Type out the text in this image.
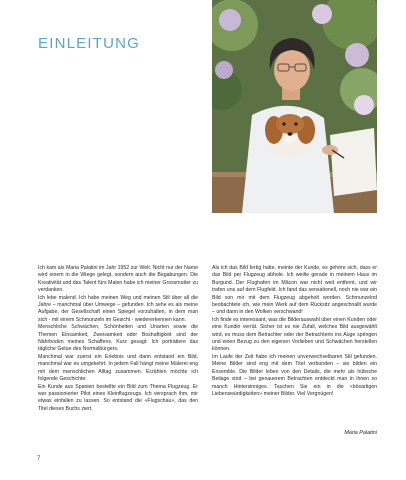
EINLEITUNG

Ich kam als Maria Palatini im Jahr 1952 zur Welt. Nicht nur der Name wird einem in die Wiege gelegt, sondern auch die Begabungen. Die Kreativität und das Talent fürs Malen habe ich meiner Grossmutter zu verdanken.

Ich lebe malend. Ich habe meinen Weg und meinen Stil über all die Jahre – manchmal über Umwege – gefunden. Ich sehe es als meine Aufgabe, der Gesellschaft einen Spiegel vorzuhalten, in dem man sich - mit einem Schmunzeln im Gesicht - wiedererkennen kann.

Menschliche Schwächen, Schönheiten und Unarten sowie die Themen Einsamkeit, Zweisamkeit oder Boshaftigkeit sind der Nährboden meines Schaffens. Kurz gesagt: Ich porträtiere das tägliche Getue des Normalbürgers.

Manchmal war zuerst ein Erlebnis und dann entstand ein Bild, manchmal war es umgekehrt. In jedem Fall hängt meine Malerei eng mit dem menschlichen Alltag zusammen. Erzählen möchte ich folgende Geschichte:

Ein Kunde aus Spanien bestellte ein Bild zum Thema Flugzeug. Er war passionierter Pilot eines Kleinflugzeugs. Ich versprach ihm, mir etwas einfallen zu lassen. So entstand die «Flugschau», das den Titel dieses Buchs ziert.

Als ich das Bild fertig hatte, meinte der Kunde, es gehöre sich, dass er das Bild per Flugzeug abhole. Ich weilte gerade in meinem Haus im Burgund. Der Flughafen im Mâcon war nicht weit entfernt, und wir trafen uns auf dem Flugfeld. Ich fand das sensationell, noch nie war ein Bild von mir mit dem Flugzeug abgeholt worden. Schmunzelnd beobachtete ich, wie mein Werk auf dem Rücksitz angeschnallt wurde – und dann in den Wolken verschwand!

Ich finde es interessant, was die Bilderauswahl über einen Kunden oder eine Kundin verrät. Sicher ist es nie Zufall, welches Bild ausgewählt wird, es muss dem Betrachter oder der Betrachterin ins Auge springen und einen Bezug zu den eigenen Vorlieben und Schwächen herstellen können.

Im Laufe der Zeit habe ich meinen unverwechselbaren Stil gefunden. Meine Bilder sind eng mit dem Titel verbunden – sie bilden ein Ensemble. Die Bilder leben von den Details, die mehr als hübsche Beilage sind – bei genauerem Betrachten entdeckt man in ihnen so manch Hintersinniges. Tauchen Sie ein in die «bösartigen Liebenswürdigkeiten» meiner Bilder. Viel Vergnügen!

Maria Palatini
7
